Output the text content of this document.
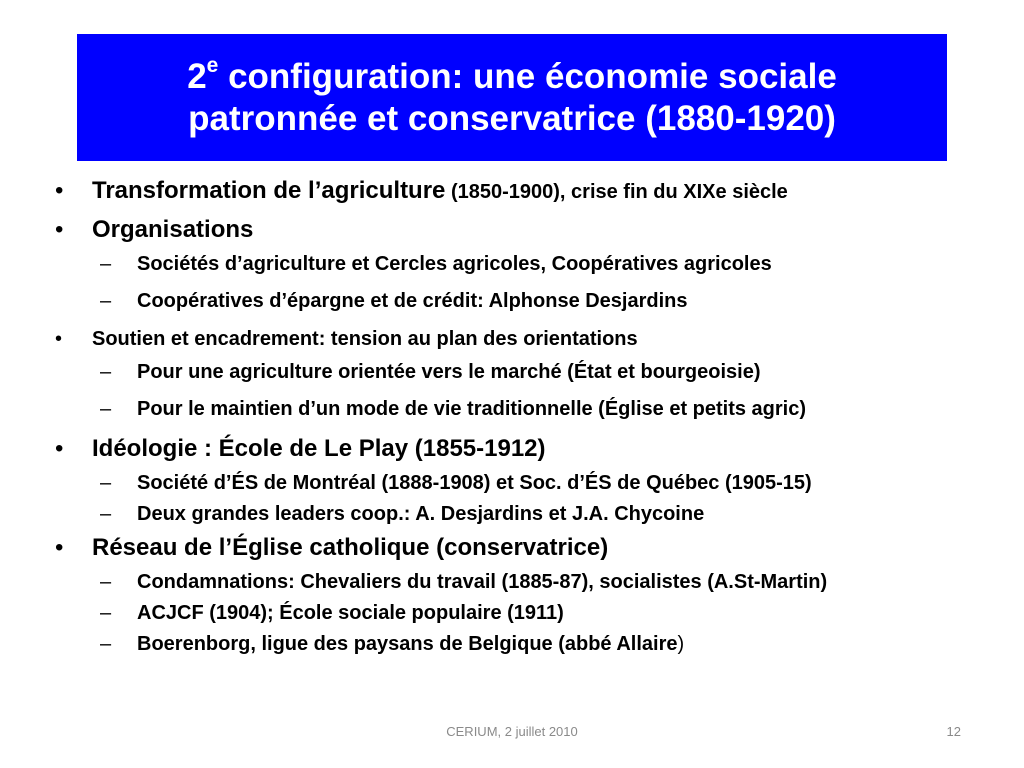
2e configuration: une économie sociale
patronnée et conservatrice (1880-1920)
• Transformation de l’agriculture (1850-1900), crise fin du XIXe siècle
• Organisations
– Sociétés d’agriculture et Cercles agricoles, Coopératives agricoles
– Coopératives d’épargne et de crédit: Alphonse Desjardins
• Soutien et encadrement: tension au plan des orientations
– Pour une agriculture orientée vers le marché (État et bourgeoisie)
– Pour le maintien d’un mode de vie traditionnelle (Église et petits agric)
• Idéologie : École de Le Play (1855-1912)
– Société d’ÉS de Montréal (1888-1908) et Soc. d’ÉS de Québec (1905-15)
– Deux grandes leaders coop.: A. Desjardins et J.A. Chycoine
• Réseau de l’Église catholique (conservatrice)
– Condamnations: Chevaliers du travail (1885-87), socialistes (A.St-Martin)
– ACJCF (1904); École sociale populaire (1911)
– Boerenborg, ligue des paysans de Belgique (abbé Allaire)
CERIUM, 2 juillet 2010	12
